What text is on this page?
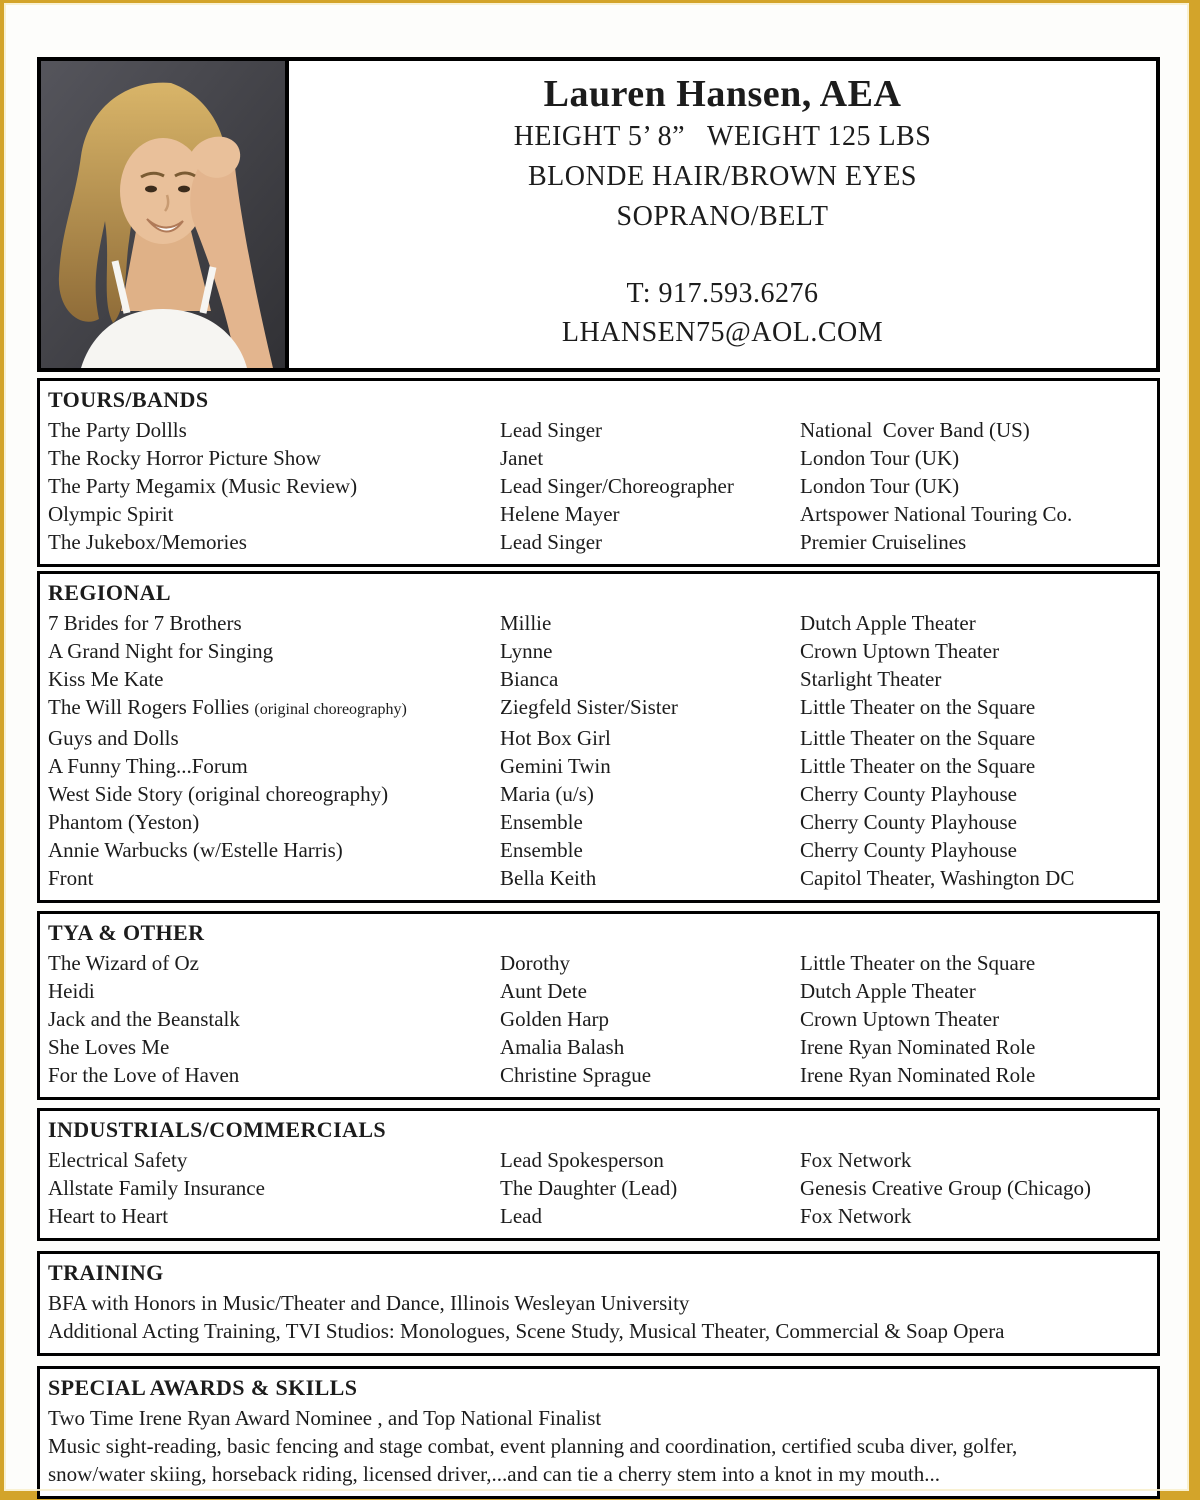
Lauren Hansen, AEA
HEIGHT 5’ 8”   WEIGHT 125 LBS
BLONDE HAIR/BROWN EYES
SOPRANO/BELT
T: 917.593.6276
LHANSEN75@AOL.COM
TOURS/BANDS
The Party Dollls	Lead Singer	National  Cover Band (US)
The Rocky Horror Picture Show	Janet	London Tour (UK)
The Party Megamix (Music Review)	Lead Singer/Choreographer	London Tour (UK)
Olympic Spirit	Helene Mayer	Artspower National Touring Co.
The Jukebox/Memories	Lead Singer	Premier Cruiselines
REGIONAL
7 Brides for 7 Brothers	Millie	Dutch Apple Theater
A Grand Night for Singing	Lynne	Crown Uptown Theater
Kiss Me Kate	Bianca	Starlight Theater
The Will Rogers Follies (original choreography)	Ziegfeld Sister/Sister	Little Theater on the Square
Guys and Dolls	Hot Box Girl	Little Theater on the Square
A Funny Thing...Forum	Gemini Twin	Little Theater on the Square
West Side Story (original choreography)	Maria (u/s)	Cherry County Playhouse
Phantom (Yeston)	Ensemble	Cherry County Playhouse
Annie Warbucks (w/Estelle Harris)	Ensemble	Cherry County Playhouse
Front	Bella Keith	Capitol Theater, Washington DC
TYA & OTHER
The Wizard of Oz	Dorothy	Little Theater on the Square
Heidi	Aunt Dete	Dutch Apple Theater
Jack and the Beanstalk	Golden Harp	Crown Uptown Theater
She Loves Me	Amalia Balash	Irene Ryan Nominated Role
For the Love of Haven	Christine Sprague	Irene Ryan Nominated Role
INDUSTRIALS/COMMERCIALS
Electrical Safety	Lead Spokesperson	Fox Network
Allstate Family Insurance	The Daughter (Lead)	Genesis Creative Group (Chicago)
Heart to Heart	Lead	Fox Network
TRAINING
BFA with Honors in Music/Theater and Dance, Illinois Wesleyan University
Additional Acting Training, TVI Studios: Monologues, Scene Study, Musical Theater, Commercial & Soap Opera
SPECIAL AWARDS & SKILLS
Two Time Irene Ryan Award Nominee , and Top National Finalist
Music sight-reading, basic fencing and stage combat, event planning and coordination, certified scuba diver, golfer,
snow/water skiing, horseback riding, licensed driver,...and can tie a cherry stem into a knot in my mouth...
